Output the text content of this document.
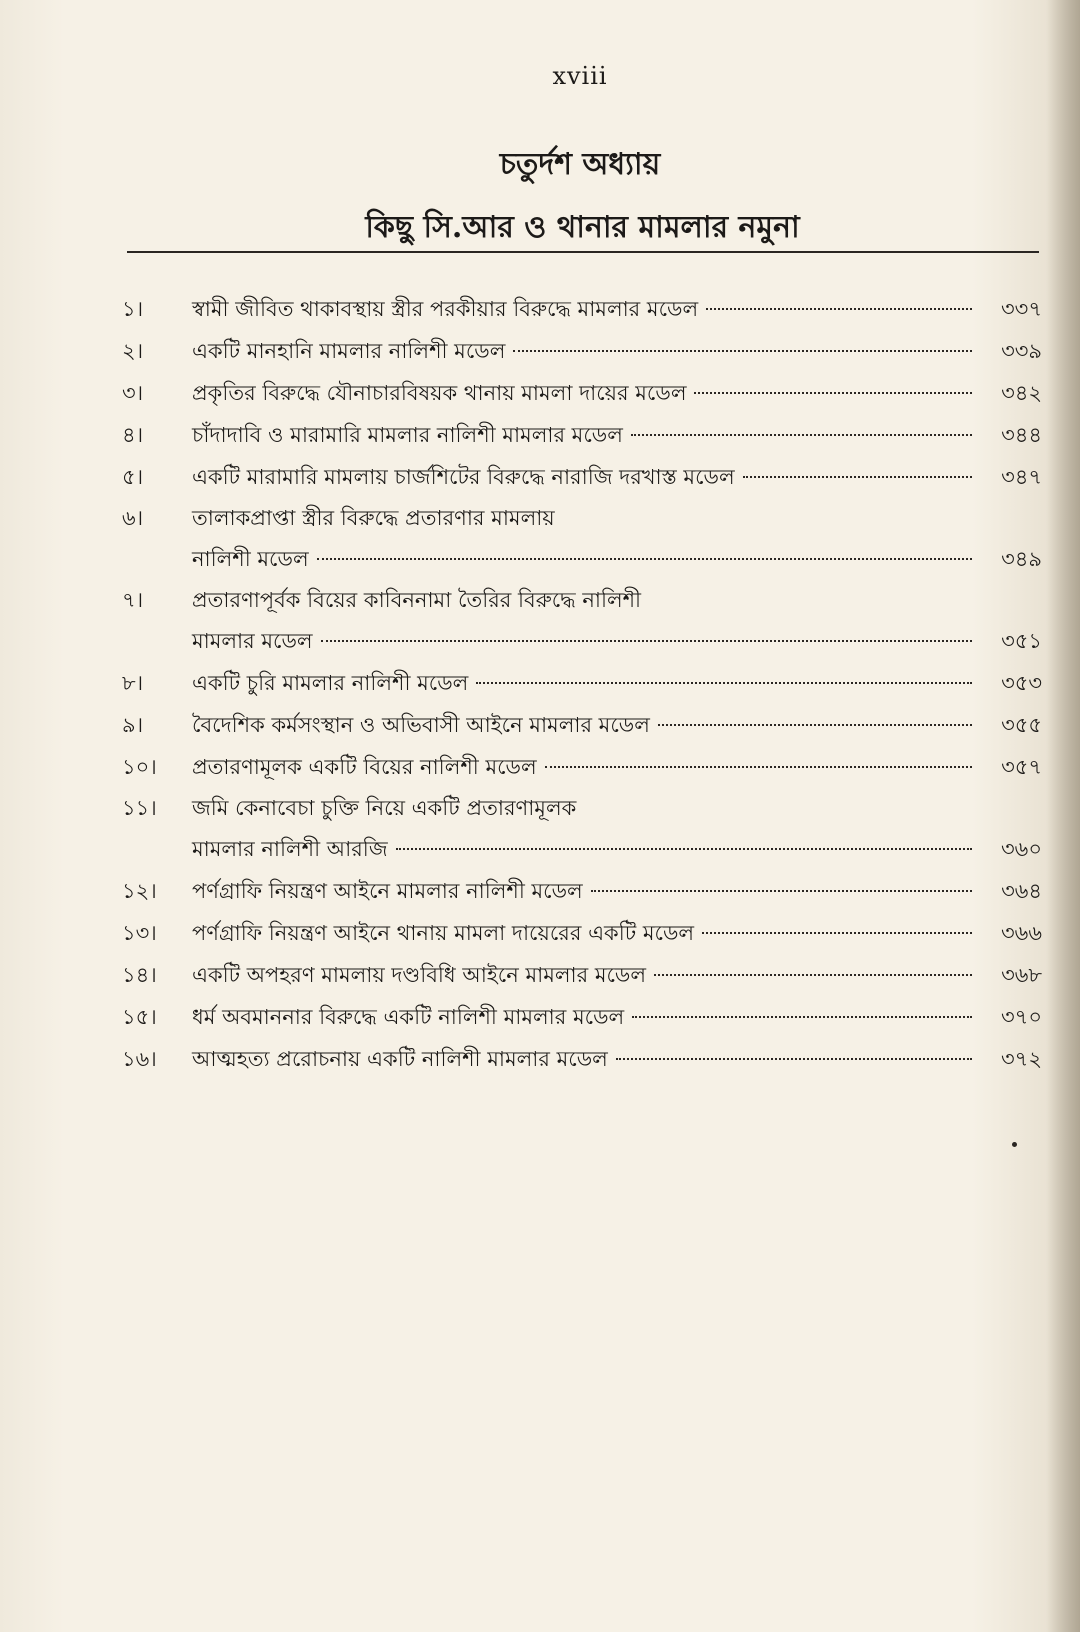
xviii
চতুর্দশ অধ্যায়
কিছু সি.আর ও থানার মামলার নমুনা
১।	স্বামী জীবিত থাকাবস্থায় স্ত্রীর পরকীয়ার বিরুদ্ধে মামলার মডেল	৩৩৭
২।	একটি মানহানি মামলার নালিশী মডেল	৩৩৯
৩।	প্রকৃতির বিরুদ্ধে যৌনাচারবিষয়ক থানায় মামলা দায়ের মডেল	৩৪২
৪।	চাঁদাদাবি ও মারামারি মামলার নালিশী মামলার মডেল	৩৪৪
৫।	একটি মারামারি মামলায় চার্জশিটের বিরুদ্ধে নারাজি দরখাস্ত মডেল	৩৪৭
৬।	তালাকপ্রাপ্তা স্ত্রীর বিরুদ্ধে প্রতারণার মামলায়
নালিশী মডেল	৩৪৯
৭।	প্রতারণাপূর্বক বিয়ের কাবিননামা তৈরির বিরুদ্ধে নালিশী
মামলার মডেল	৩৫১
৮।	একটি চুরি মামলার নালিশী মডেল	৩৫৩
৯।	বৈদেশিক কর্মসংস্থান ও অভিবাসী আইনে মামলার মডেল	৩৫৫
১০।	প্রতারণামূলক একটি বিয়ের নালিশী মডেল	৩৫৭
১১।	জমি কেনাবেচা চুক্তি নিয়ে একটি প্রতারণামূলক
মামলার নালিশী আরজি	৩৬০
১২।	পর্ণগ্রাফি নিয়ন্ত্রণ আইনে মামলার নালিশী মডেল	৩৬৪
১৩।	পর্ণগ্রাফি নিয়ন্ত্রণ আইনে থানায় মামলা দায়েরের একটি মডেল	৩৬৬
১৪।	একটি অপহরণ মামলায় দণ্ডবিধি আইনে মামলার মডেল	৩৬৮
১৫।	ধর্ম অবমাননার বিরুদ্ধে একটি নালিশী মামলার মডেল	৩৭০
১৬।	আত্মহত্য প্ররোচনায় একটি নালিশী মামলার মডেল	৩৭২
